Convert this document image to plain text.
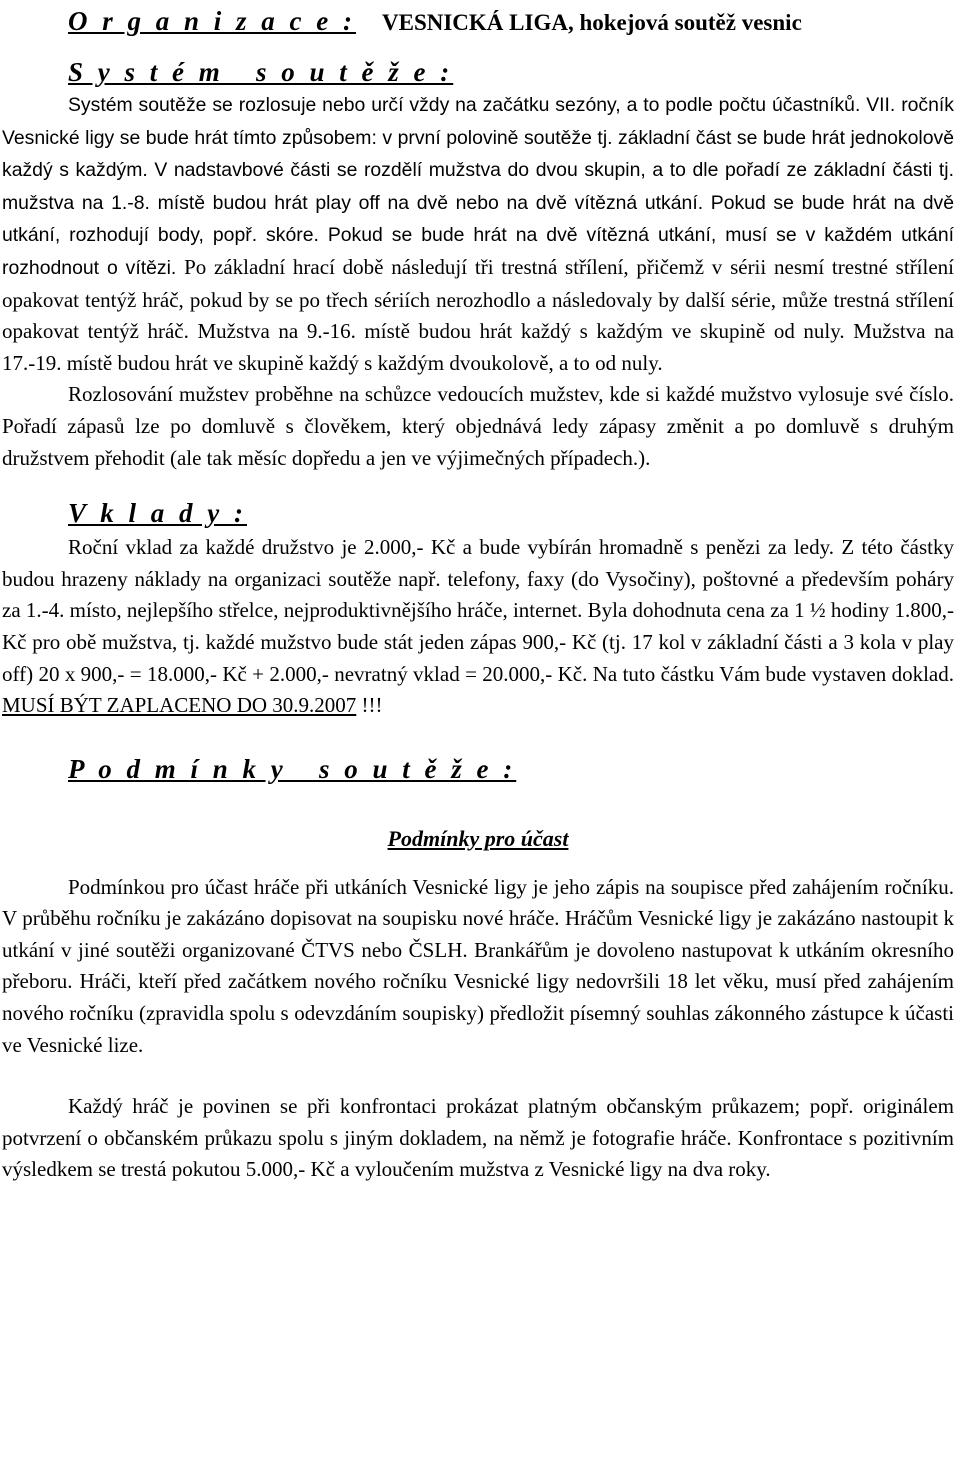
O r g a n i z a c e : VESNICKÁ LIGA, hokejová soutěž vesnic
S y s t é m   s o u t ě ž e :

Systém soutěže se rozlosuje nebo určí vždy na začátku sezóny, a to podle počtu účastníků. VII. ročník Vesnické ligy se bude hrát tímto způsobem: v první polovině soutěže tj. základní část se bude hrát jednokolově každý s každým. V nadstavbové části se rozdělí mužstva do dvou skupin, a to dle pořadí ze základní části tj. mužstva na 1.-8. místě budou hrát play off na dvě nebo na dvě vítězná utkání. Pokud se bude hrát na dvě utkání, rozhodují body, popř. skóre. Pokud se bude hrát na dvě vítězná utkání, musí se v každém utkání rozhodnout o vítězi. Po základní hrací době následují tři trestná střílení, přičemž v sérii nesmí trestné střílení opakovat tentýž hráč, pokud by se po třech sériích nerozhodlo a následovaly by další série, může trestná střílení opakovat tentýž hráč. Mužstva na 9.-16. místě budou hrát každý s každým ve skupině od nuly. Mužstva na 17.-19. místě budou hrát ve skupině každý s každým dvoukolově, a to od nuly.

Rozlosování mužstev proběhne na schůzce vedoucích mužstev, kde si každé mužstvo vylosuje své číslo. Pořadí zápasů lze po domluvě s člověkem, který objednává ledy zápasy změnit a po domluvě s druhým družstvem přehodit (ale tak měsíc dopředu a jen ve výjimečných případech.).

V k l a d y :

Roční vklad za každé družstvo je 2.000,- Kč a bude vybírán hromadně s penězi za ledy. Z této částky budou hrazeny náklady na organizaci soutěže např. telefony, faxy (do Vysočiny), poštovné a především poháry za 1.-4. místo, nejlepšího střelce, nejproduktivnějšího hráče, internet. Byla dohodnuta cena za 1 ½ hodiny 1.800,- Kč pro obě mužstva, tj. každé mužstvo bude stát jeden zápas 900,- Kč (tj. 17 kol v základní části a 3 kola v play off) 20 x 900,- = 18.000,- Kč + 2.000,- nevratný vklad = 20.000,- Kč. Na tuto částku Vám bude vystaven doklad. MUSÍ BÝT ZAPLACENO DO 30.9.2007 !!!

P o d m í n k y   s o u t ě ž e :
Podmínky pro účast

Podmínkou pro účast hráče při utkáních Vesnické ligy je jeho zápis na soupisce před zahájením ročníku. V průběhu ročníku je zakázáno dopisovat na soupisku nové hráče. Hráčům Vesnické ligy je zakázáno nastoupit k utkání v jiné soutěži organizované ČTVS nebo ČSLH. Brankářům je dovoleno nastupovat k utkáním okresního přeboru. Hráči, kteří před začátkem nového ročníku Vesnické ligy nedovršili 18 let věku, musí před zahájením nového ročníku (zpravidla spolu s odevzdáním soupisky) předložit písemný souhlas zákonného zástupce k účasti ve Vesnické lize.

Každý hráč je povinen se při konfrontaci prokázat platným občanským průkazem; popř. originálem potvrzení o občanském průkazu spolu s jiným dokladem, na němž je fotografie hráče. Konfrontace s pozitivním výsledkem se trestá pokutou 5.000,- Kč a vyloučením mužstva z Vesnické ligy na dva roky.
